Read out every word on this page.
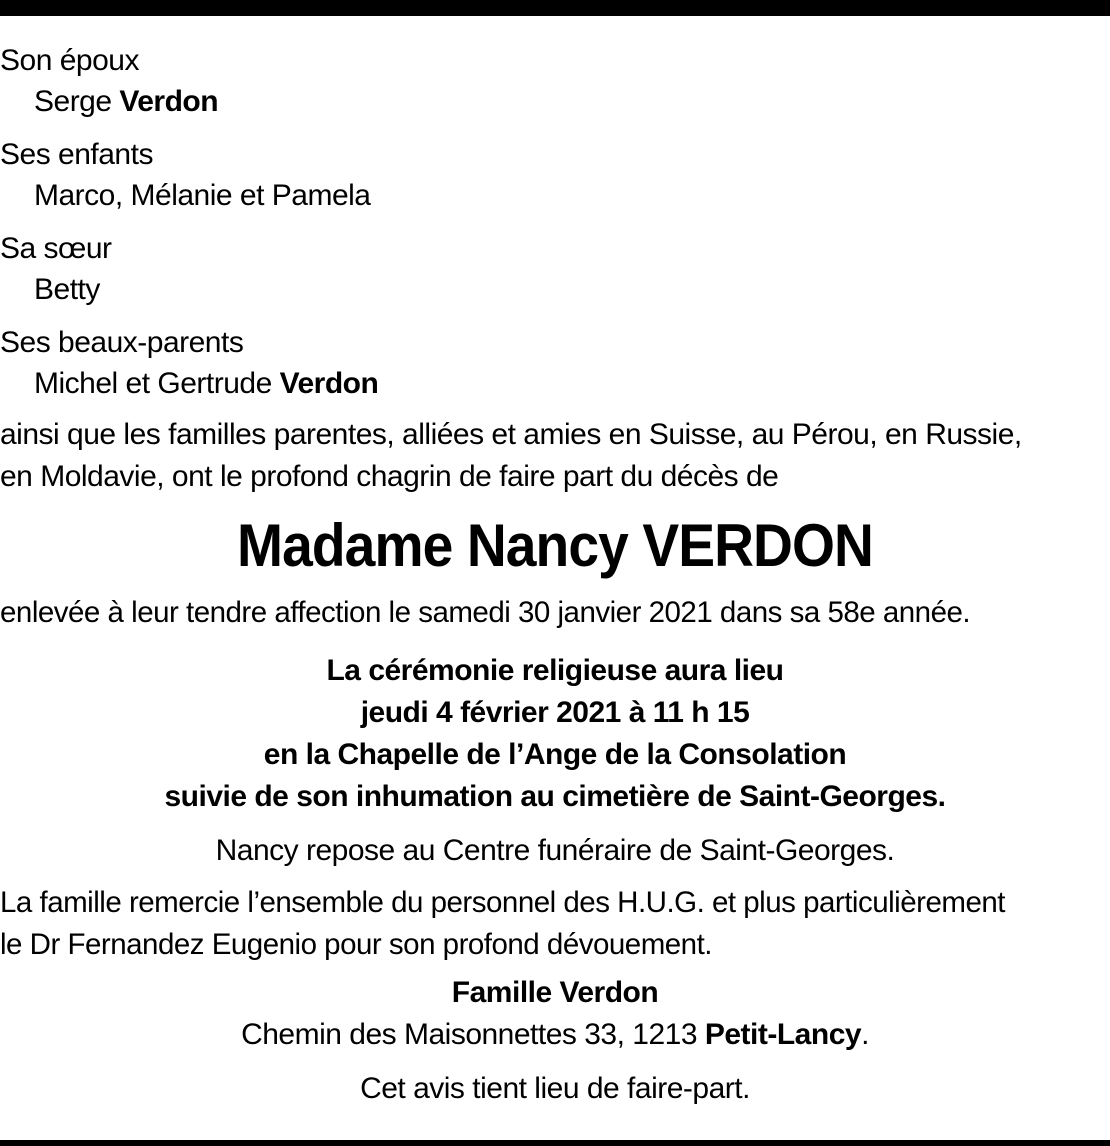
Son époux
Serge Verdon
Ses enfants
Marco, Mélanie et Pamela
Sa sœur
Betty
Ses beaux-parents
Michel et Gertrude Verdon
ainsi que les familles parentes, alliées et amies en Suisse, au Pérou, en Russie,
en Moldavie, ont le profond chagrin de faire part du décès de
Madame Nancy VERDON
enlevée à leur tendre affection le samedi 30 janvier 2021 dans sa 58e année.
La cérémonie religieuse aura lieu
jeudi 4 février 2021 à 11 h 15
en la Chapelle de l’Ange de la Consolation
suivie de son inhumation au cimetière de Saint-Georges.
Nancy repose au Centre funéraire de Saint-Georges.
La famille remercie l’ensemble du personnel des H.U.G. et plus particulièrement
le Dr Fernandez Eugenio pour son profond dévouement.
Famille Verdon
Chemin des Maisonnettes 33, 1213 Petit-Lancy.
Cet avis tient lieu de faire-part.
